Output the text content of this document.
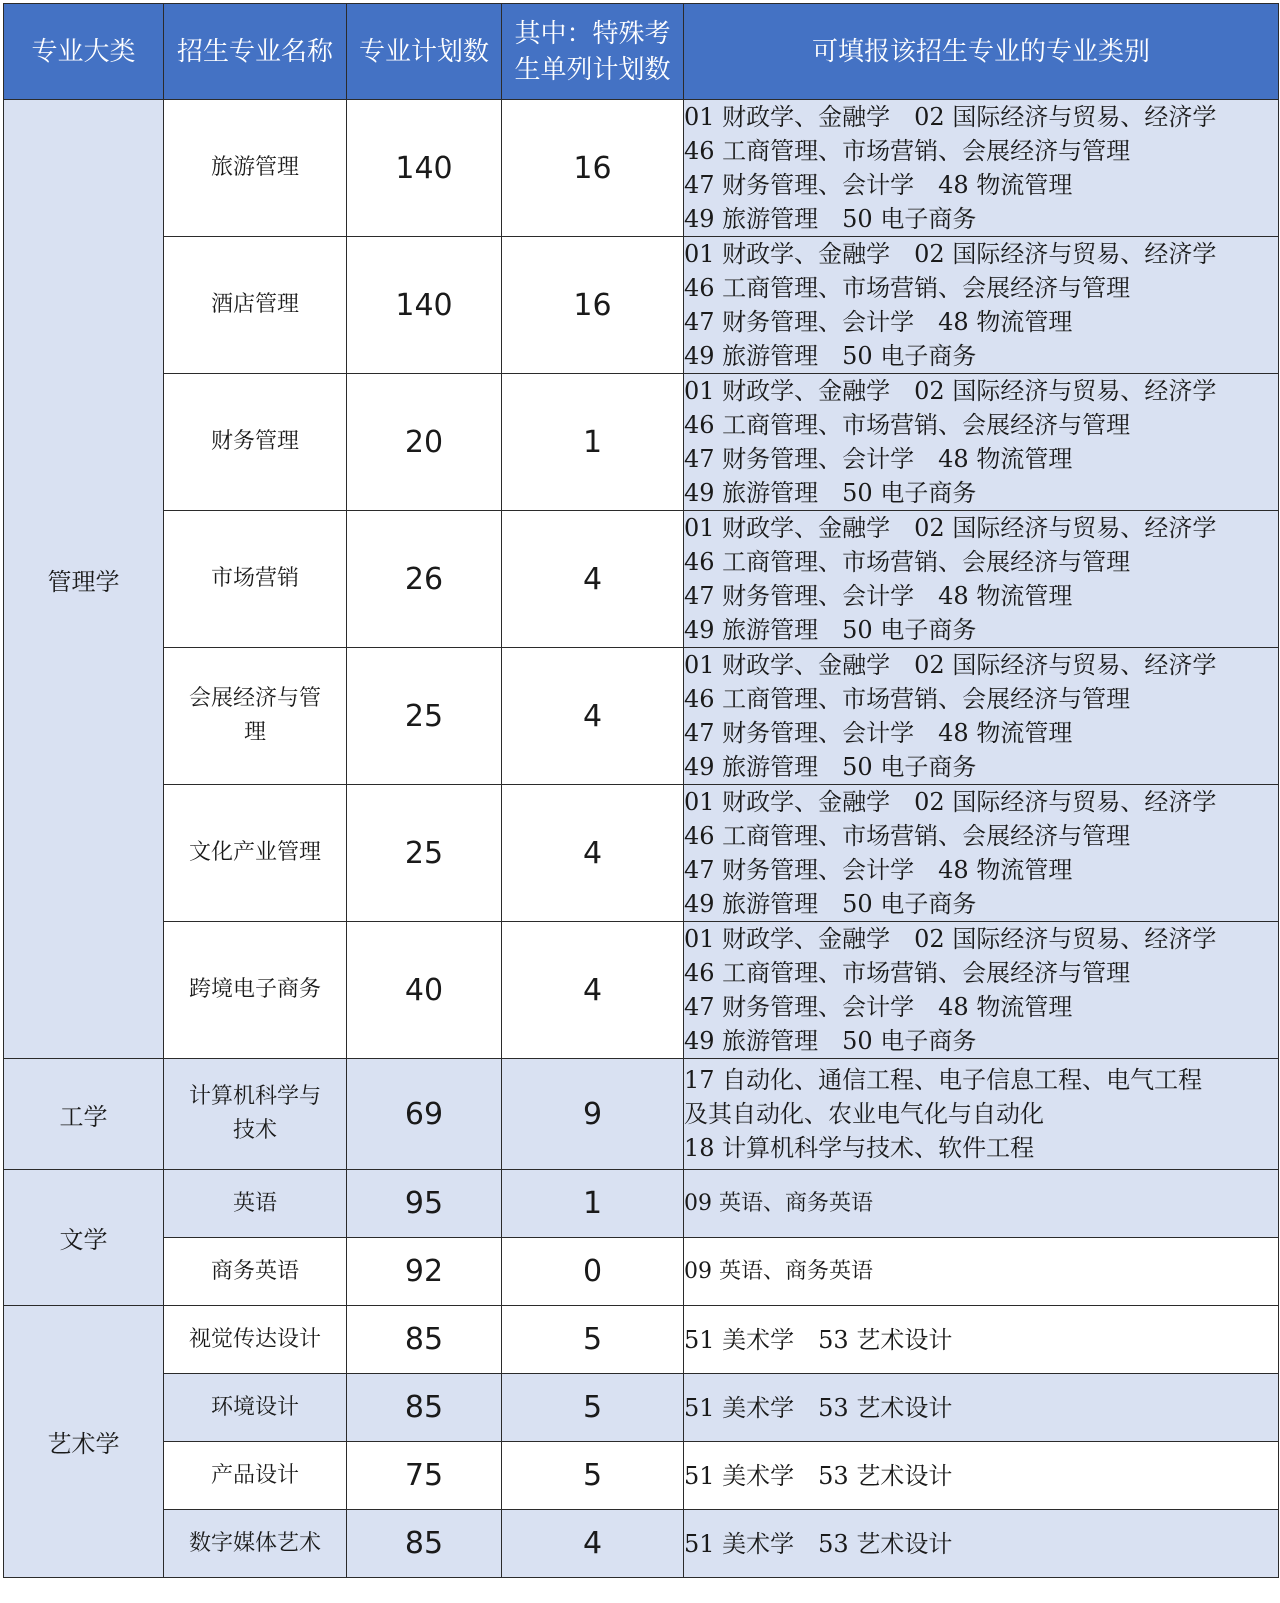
专业大类	招生专业名称	专业计划数	其中：特殊考
生单列计划数	可填报该招生专业的专业类别
管理学	旅游管理	140	16	01 财政学、金融学　02 国际经济与贸易、经济学
46 工商管理、市场营销、会展经济与管理
47 财务管理、会计学　48 物流管理
49 旅游管理　50 电子商务

	酒店管理	140	16	01 财政学、金融学　02 国际经济与贸易、经济学
46 工商管理、市场营销、会展经济与管理
47 财务管理、会计学　48 物流管理
49 旅游管理　50 电子商务

	财务管理	20	1	01 财政学、金融学　02 国际经济与贸易、经济学
46 工商管理、市场营销、会展经济与管理
47 财务管理、会计学　48 物流管理
49 旅游管理　50 电子商务

	市场营销	26	4	01 财政学、金融学　02 国际经济与贸易、经济学
46 工商管理、市场营销、会展经济与管理
47 财务管理、会计学　48 物流管理
49 旅游管理　50 电子商务

	会展经济与管
理	25	4	01 财政学、金融学　02 国际经济与贸易、经济学
46 工商管理、市场营销、会展经济与管理
47 财务管理、会计学　48 物流管理
49 旅游管理　50 电子商务

	文化产业管理	25	4	01 财政学、金融学　02 国际经济与贸易、经济学
46 工商管理、市场营销、会展经济与管理
47 财务管理、会计学　48 物流管理
49 旅游管理　50 电子商务

	跨境电子商务	40	4	01 财政学、金融学　02 国际经济与贸易、经济学
46 工商管理、市场营销、会展经济与管理
47 财务管理、会计学　48 物流管理
49 旅游管理　50 电子商务

工学	计算机科学与
技术	69	9	17 自动化、通信工程、电子信息工程、电气工程
及其自动化、农业电气化与自动化
18 计算机科学与技术、软件工程

文学	英语	95	1	09 英语、商务英语
	商务英语	92	0	09 英语、商务英语
艺术学	视觉传达设计	85	5	51 美术学　53 艺术设计
	环境设计	85	5	51 美术学　53 艺术设计
	产品设计	75	5	51 美术学　53 艺术设计
	数字媒体艺术	85	4	51 美术学　53 艺术设计
